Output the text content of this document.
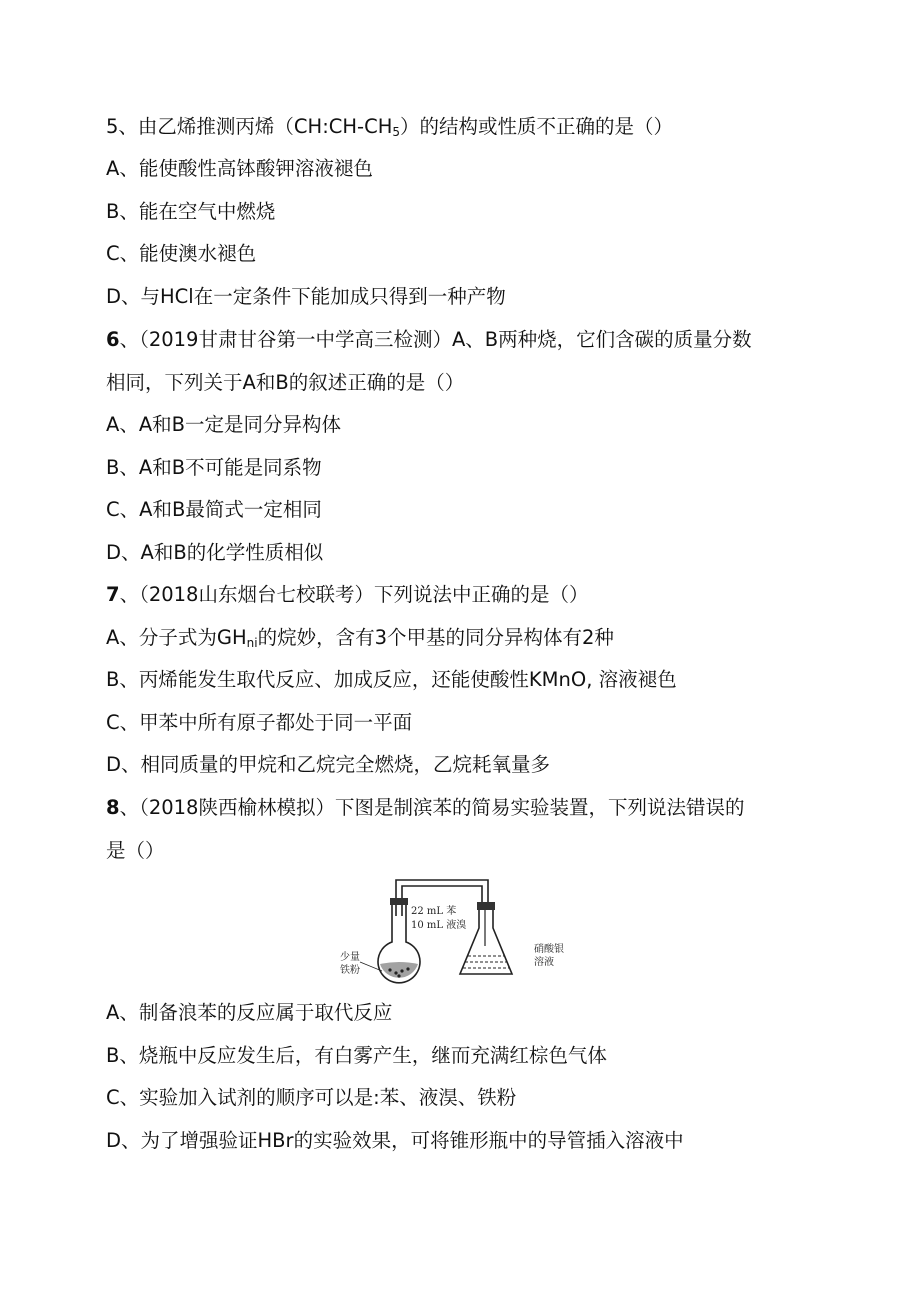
5、由乙烯推测丙烯$(CH:CH-CH_5)$的结构或性质不正确的是（）
A、能使酸性高钵酸钾溶液褪色
B、能在空气中燃烧
C、能使澳水褪色
D、与HCl在一定条件下能加成只得到一种产物
6、（2019甘肃甘谷第一中学高三检测）A、B两种烧，它们含碳的质量分数
相同，下列关于A和B的叙述正确的是（）
A、A和B一定是同分异构体
B、A和B不可能是同系物
C、A和B最简式一定相同
D、A和B的化学性质相似
7、（2018山东烟台七校联考）下列说法中正确的是（）
A、分子式为$GH_{ni}$的烷妙，含有3个甲基的同分异构体有2种
B、丙烯能发生取代反应、加成反应，还能使酸性KMnO, 溶液褪色
C、甲苯中所有原子都处于同一平面
D、相同质量的甲烷和乙烷完全燃烧，乙烷耗氧量多
8、（2018陕西榆林模拟）下图是制滨苯的简易实验装置，下列说法错误的
是（）
22 mL 苯
10 mL 液溴
少量
铁粉
硝酸银
溶液
A、制备浪苯的反应属于取代反应
B、烧瓶中反应发生后，有白雾产生，继而充满红棕色气体
C、实验加入试剂的顺序可以是:苯、液淏、铁粉
D、为了增强验证HBr的实验效果，可将锥形瓶中的导管插入溶液中
